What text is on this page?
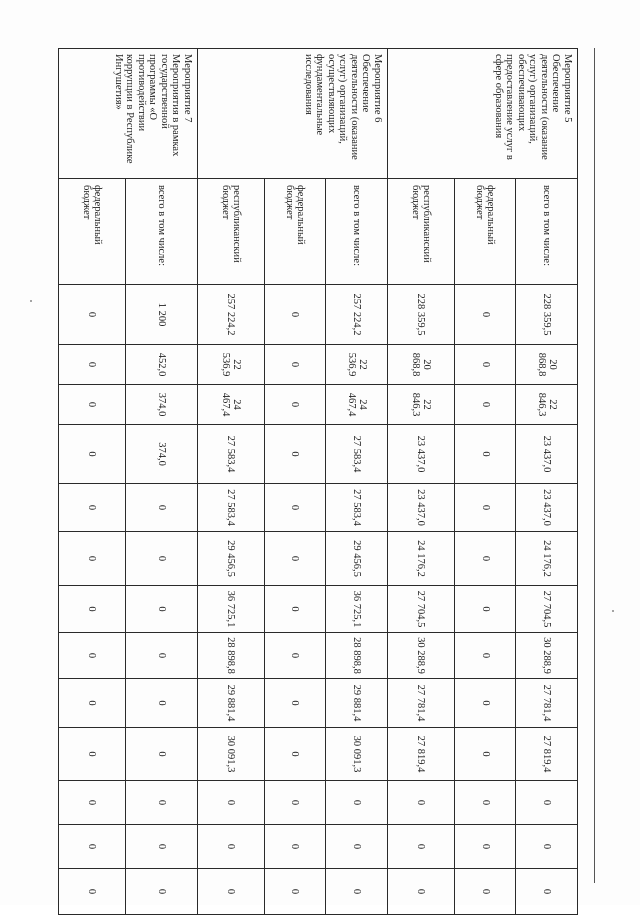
Мероприятие 5 Обеспечение деятельности (оказание услуг) организаций, обеспечивающих предоставление услуг в сфере образования	всего в том числе:	228 359,5	20 868,8	22 846,3	23 437,0	23 437,0	24 176,2	27 704,5	30 288,9	27 781,4	27 819,4	0	0	0
	федеральный бюджет	0	0	0	0	0	0	0	0	0	0	0	0	0
	республиканский бюджет	228 359,5	20 868,8	22 846,3	23 437,0	23 437,0	24 176,2	27 704,5	30 288,9	27 781,4	27 819,4	0	0	0
Мероприятие 6 Обеспечение деятельности (оказание услуг) организаций, осуществляющих фундаментальные исследования	всего в том числе:	257 224,2	22 536,9	24 467,4	27 583,4	27 583,4	29 456,5	36 725,1	28 898,8	29 881,4	30 091,3	0	0	0
	федеральный бюджет	0	0	0	0	0	0	0	0	0	0	0	0	0
	республиканский бюджет	257 224,2	22 536,9	24 467,4	27 583,4	27 583,4	29 456,5	36 725,1	28 898,8	29 881,4	30 091,3	0	0	0
Мероприятие 7 Мероприятия в рамках государственной программы «О противодействии коррупции в Республике Ингушетия»	всего в том числе:	1 200	452,0	374,0	374,0	0	0	0	0	0	0	0	0	0
	федеральный бюджет	0	0	0	0	0	0	0	0	0	0	0	0	0
